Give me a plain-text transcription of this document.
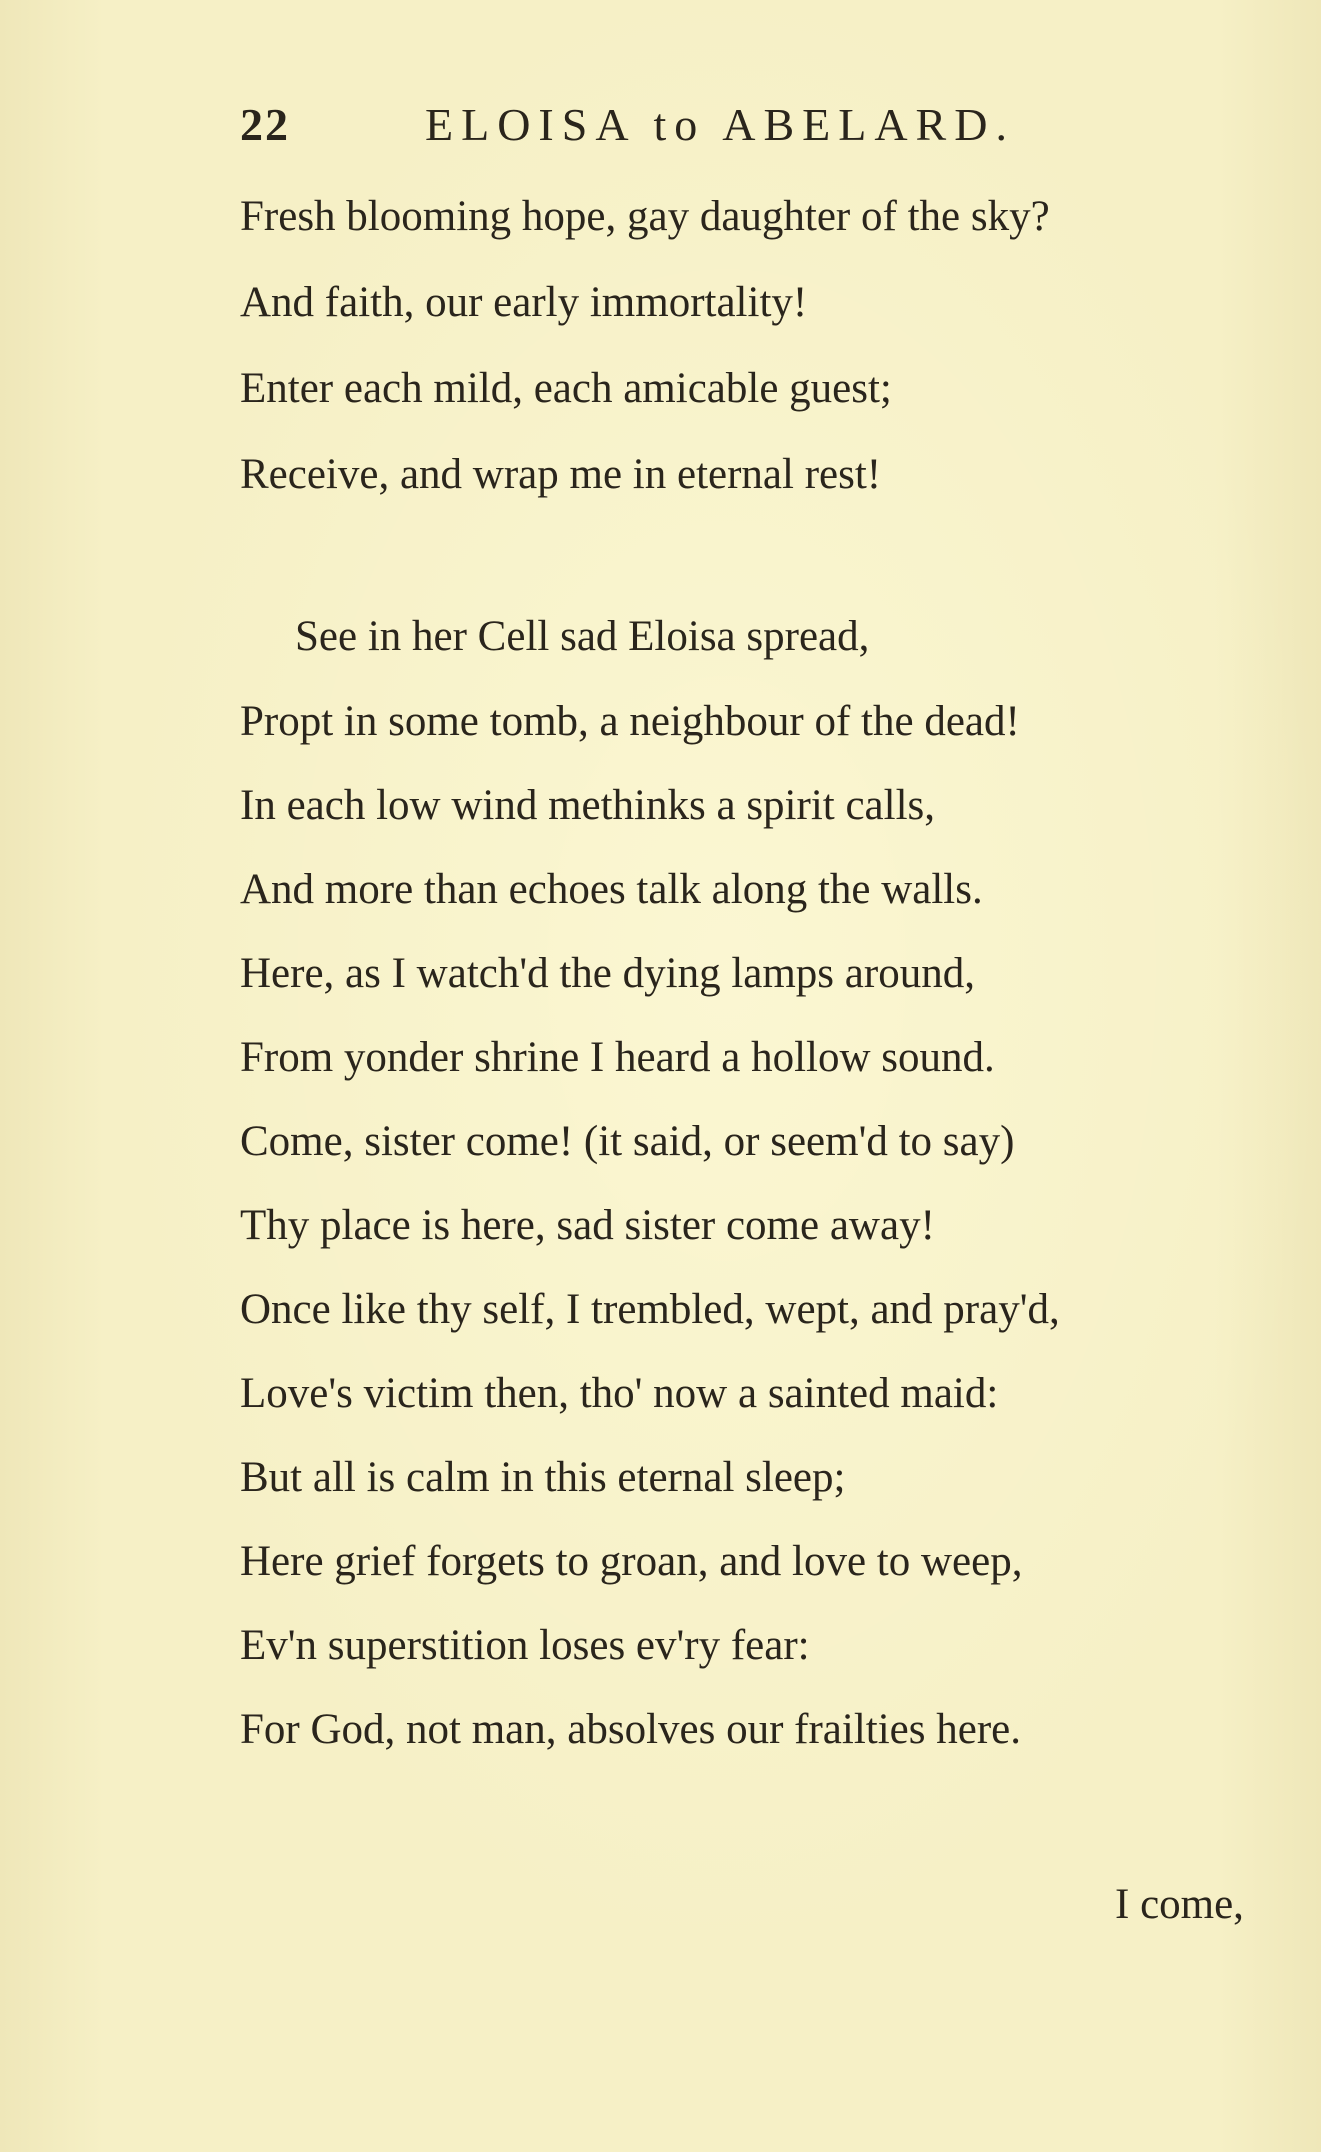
22	ELOISA to ABELARD.
Fresh blooming hope, gay daughter of the sky?
And faith, our early immortality!
Enter each mild, each amicable guest;
Receive, and wrap me in eternal rest!
See in her Cell sad Eloisa spread,
Propt in some tomb, a neighbour of the dead!
In each low wind methinks a spirit calls,
And more than echoes talk along the walls.
Here, as I watch'd the dying lamps around,
From yonder shrine I heard a hollow sound.
Come, sister come! (it said, or seem'd to say)
Thy place is here, sad sister come away!
Once like thy self, I trembled, wept, and pray'd,
Love's victim then, tho' now a sainted maid:
But all is calm in this eternal sleep;
Here grief forgets to groan, and love to weep,
Ev'n superstition loses ev'ry fear:
For God, not man, absolves our frailties here.
I come,
